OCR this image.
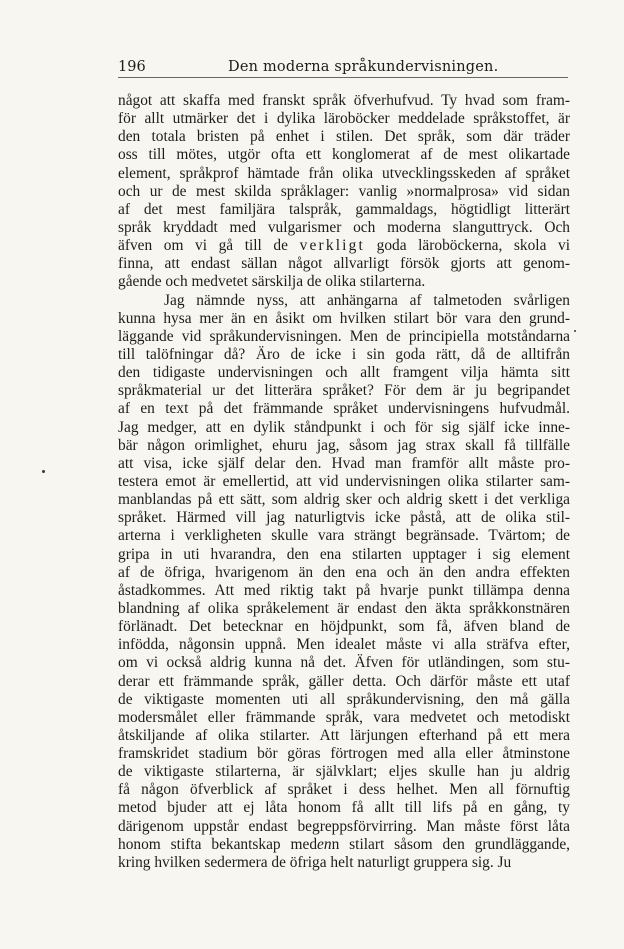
196	Den moderna språkundervisningen.
något att skaffa med franskt språk öfverhufvud. Ty hvad som fram-
för allt utmärker det i dylika läroböcker meddelade språkstoffet, är
den totala bristen på enhet i stilen. Det språk, som där träder
oss till mötes, utgör ofta ett konglomerat af de mest olikartade
element, språkprof hämtade från olika utvecklingsskeden af språket
och ur de mest skilda språklager: vanlig »normalprosa» vid sidan
af det mest familjära talspråk, gammaldags, högtidligt litterärt
språk kryddadt med vulgarismer och moderna slanguttryck. Och
äfven om vi gå till de verkligt goda läroböckerna, skola vi
finna, att endast sällan något allvarligt försök gjorts att genom-
gående och medvetet särskilja de olika stilarterna.
Jag nämnde nyss, att anhängarna af talmetoden svårligen
kunna hysa mer än en åsikt om hvilken stilart bör vara den grund-
läggande vid språkundervisningen. Men de principiella motståndarna
till talöfningar då? Äro de icke i sin goda rätt, då de alltifrån
den tidigaste undervisningen och allt framgent vilja hämta sitt
språkmaterial ur det litterära språket? För dem är ju begripandet
af en text på det främmande språket undervisningens hufvudmål.
Jag medger, att en dylik ståndpunkt i och för sig själf icke inne-
bär någon orimlighet, ehuru jag, såsom jag strax skall få tillfälle
att visa, icke själf delar den. Hvad man framför allt måste pro-
testera emot är emellertid, att vid undervisningen olika stilarter sam-
manblandas på ett sätt, som aldrig sker och aldrig skett i det verkliga
språket. Härmed vill jag naturligtvis icke påstå, att de olika stil-
arterna i verkligheten skulle vara strängt begränsade. Tvärtom; de
gripa in uti hvarandra, den ena stilarten upptager i sig element
af de öfriga, hvarigenom än den ena och än den andra effekten
åstadkommes. Att med riktig takt på hvarje punkt tillämpa denna
blandning af olika språkelement är endast den äkta språkkonstnären
förlänadt. Det betecknar en höjdpunkt, som få, äfven bland de
infödda, någonsin uppnå. Men idealet måste vi alla sträfva efter,
om vi också aldrig kunna nå det. Äfven för utländingen, som stu-
derar ett främmande språk, gäller detta. Och därför måste ett utaf
de viktigaste momenten uti all språkundervisning, den må gälla
modersmålet eller främmande språk, vara medvetet och metodiskt
åtskiljande af olika stilarter. Att lärjungen efterhand på ett mera
framskridet stadium bör göras förtrogen med alla eller åtminstone
de viktigaste stilarterna, är självklart; eljes skulle han ju aldrig
få någon öfverblick af språket i dess helhet. Men all förnuftig
metod bjuder att ej låta honom få allt till lifs på en gång, ty
därigenom uppstår endast begreppsförvirring. Man måste först låta
honom stifta bekantskap medenn stilart såsom den grundläggande,
kring hvilken sedermera de öfriga helt naturligt gruppera sig. Ju
